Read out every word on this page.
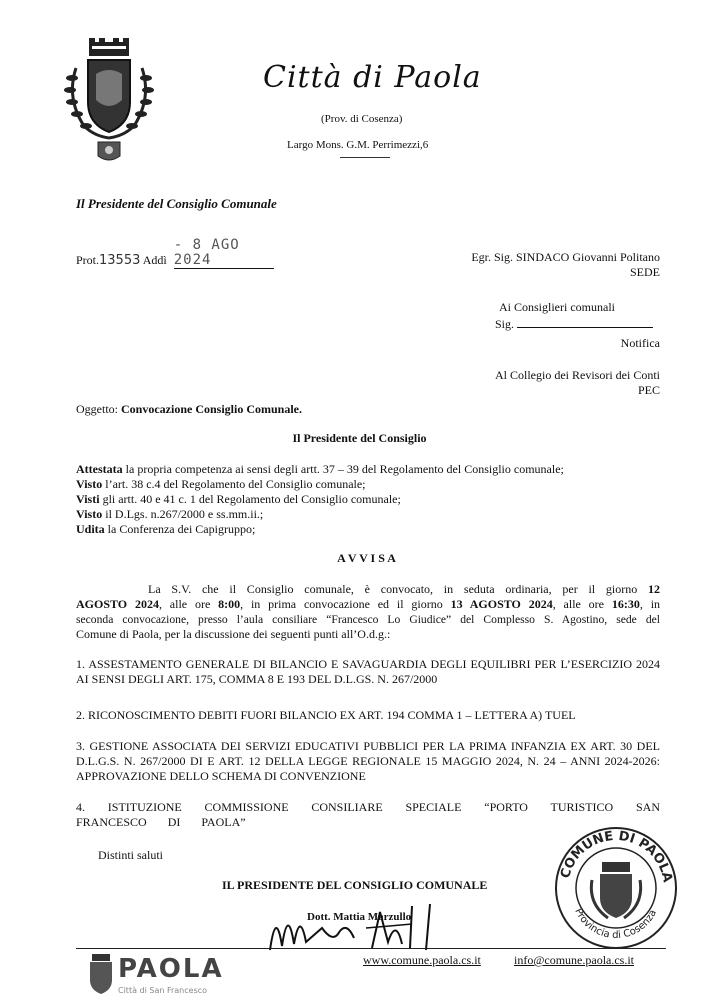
Città di Paola
(Prov. di Cosenza)
Largo Mons. G.M. Perrimezzi,6
Il Presidente del Consiglio Comunale
Prot.13553 Addì - 8 AGO 2024	Egr. Sig. SINDACO Giovanni Politano
SEDE
Ai Consiglieri comunali
Sig.
Notifica
Al Collegio dei Revisori dei Conti
PEC
Oggetto: Convocazione Consiglio Comunale.
Il Presidente del Consiglio
Attestata la propria competenza ai sensi degli artt. 37 – 39 del Regolamento del Consiglio comunale;
Visto l’art. 38 c.4 del Regolamento del Consiglio comunale;
Visti gli artt. 40 e 41 c. 1 del Regolamento del Consiglio comunale;
Visto il D.Lgs. n.267/2000 e ss.mm.ii.;
Udita la Conferenza dei Capigruppo;
A V V I S A
La S.V. che il Consiglio comunale, è convocato, in seduta ordinaria, per il giorno 12
AGOSTO 2024, alle ore 8:00, in prima convocazione ed il giorno 13 AGOSTO 2024, alle ore 16:30, in
seconda convocazione, presso l’aula consiliare “Francesco Lo Giudice” del Complesso S. Agostino, sede del
Comune di Paola, per la discussione dei seguenti punti all’O.d.g.:
1. ASSESTAMENTO GENERALE DI BILANCIO E SAVAGUARDIA DEGLI EQUILIBRI PER L’ESERCIZIO 2024 AI SENSI DEGLI ART. 175, COMMA 8 E 193 DEL D.L.GS. N. 267/2000
2. RICONOSCIMENTO DEBITI FUORI BILANCIO EX ART. 194 COMMA 1 – LETTERA A) TUEL
3. GESTIONE ASSOCIATA DEI SERVIZI EDUCATIVI PUBBLICI PER LA PRIMA INFANZIA EX ART. 30 DEL D.L.G.S. N. 267/2000 DI E ART. 12 DELLA LEGGE REGIONALE 15 MAGGIO 2024, N. 24 – ANNI 2024-2026: APPROVAZIONE DELLO SCHEMA DI CONVENZIONE
4. ISTITUZIONE COMMISSIONE CONSILIARE SPECIALE “PORTO TURISTICO SAN FRANCESCO DI PAOLA”
Distinti saluti
IL PRESIDENTE DEL CONSIGLIO COMUNALE
Dott. Mattia Marzullo
COMUNE DI PAOLA
Provincia di Cosenza
PAOLA
Città di San Francesco
www.comune.paola.cs.it	info@comune.paola.cs.it
